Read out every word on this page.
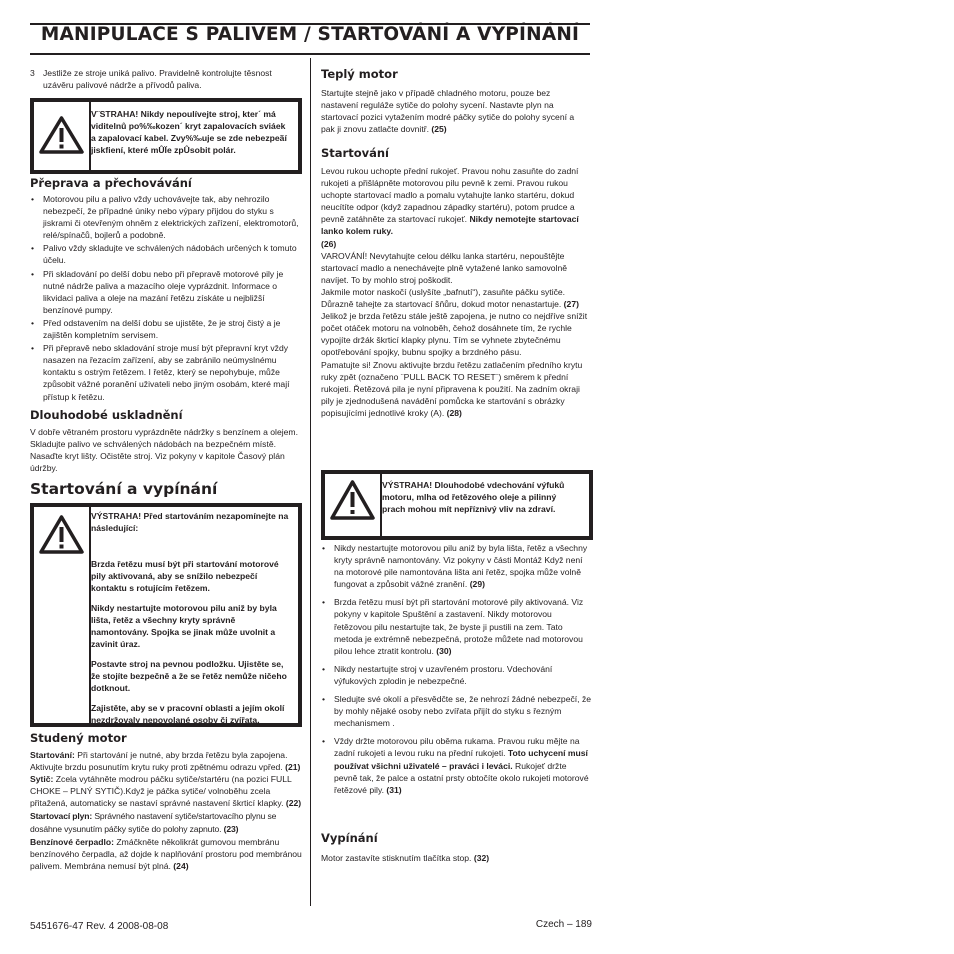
MANIPULACE S PALIVEM / STARTOVÁNÍ A VYPÍNÁNÍ
3 Jestliže ze stroje uniká palivo. Pravidelně kontrolujte těsnost uzávěru palivové nádrže a přívodů paliva.

V¨STRAHA! Nikdy nepoulívejte stroj, kter´ má viditelnů po%‰kozen´ kryt zapalovacích sviáek a zapalovací kabel. Zvy%‰uje se zde nebezpeãí jiskfiení, které mÛÏe zpÛsobit polár.
Přeprava a přechovávání
• Motorovou pilu a palivo vždy uchovávejte tak, aby nehrozilo nebezpečí, že případné úniky nebo výpary přijdou do styku s jiskrami či otevřeným ohněm z elektrických zařízení, elektromotorů, relé/spínačů, bojlerů a podobně.
• Palivo vždy skladujte ve schválených nádobách určených k tomuto účelu.
• Při skladování po delší dobu nebo při přepravě motorové pily je nutné nádrže paliva a mazacího oleje vyprázdnit. Informace o likvidaci paliva a oleje na mazání řetězu získáte u nejbližší benzínové pumpy.
• Před odstavením na delší dobu se ujistěte, že je stroj čistý a je zajištěn kompletním servisem.
• Při přepravě nebo skladování stroje musí být přepravní kryt vždy nasazen na řezacím zařízení, aby se zabránilo neúmyslnému kontaktu s ostrým řetězem. I řetěz, který se nepohybuje, může způsobit vážné poranění uživateli nebo jiným osobám, které mají přístup k řetězu.
Dlouhodobé uskladnění

V dobře větraném prostoru vyprázdněte nádržky s benzínem a olejem. Skladujte palivo ve schválených nádobách na bezpečném místě. Nasaďte kryt lišty. Očistěte stroj. Viz pokyny v kapitole Časový plán údržby.

Startování a vypínání

VÝSTRAHA! Před startováním nezapomínejte na následující:

Brzda řetězu musí být při startování motorové pily aktivovaná, aby se snížilo nebezpečí kontaktu s rotujícím řetězem.

Nikdy nestartujte motorovou pilu aniž by byla lišta, řetěz a všechny kryty správně namontovány. Spojka se jinak může uvolnit a zavinit úraz.

Postavte stroj na pevnou podložku. Ujistěte se, že stojíte bezpečně a že se řetěz nemůže ničeho dotknout.

Zajistěte, aby se v pracovní oblasti a jejím okolí nezdržovaly nepovolané osoby či zvířata.

Studený motor

Startování: Při startování je nutné, aby brzda řetězu byla zapojena. Aktivujte brzdu posunutím krytu ruky proti zpětnému odrazu vpřed. (21)

Sytič: Zcela vytáhněte modrou páčku sytiče/startéru (na pozici FULL CHOKE – PLNÝ SYTIČ).Když je páčka sytiče/ volnoběhu zcela přitažená, automaticky se nastaví správné nastavení škrticí klapky. (22)

Startovací plyn: Správného nastavení sytiče/startovacího plynu se dosáhne vysunutím páčky sytiče do polohy zapnuto. (23)

Benzínové čerpadlo: Zmáčkněte několikrát gumovou membránu benzínového čerpadla, až dojde k naplňování prostoru pod membránou palivem. Membrána nemusí být plná. (24)

Teplý motor

Startujte stejně jako v případě chladného motoru, pouze bez nastavení reguláže sytiče do polohy sycení. Nastavte plyn na startovací pozici vytažením modré páčky sytiče do polohy sycení a pak ji znovu zatlačte dovnitř. (25)

Startování

Levou rukou uchopte přední rukojeť. Pravou nohu zasuňte do zadní rukojeti a přišlápněte motorovou pilu pevně k zemi. Pravou rukou uchopte startovací madlo a pomalu vytahujte lanko startéru, dokud neucítíte odpor (když zapadnou západky startéru), potom prudce a pevně zatáhněte za startovací rukojeť. Nikdy nemotejte startovací lanko kolem ruky.
(26)

VAROVÁNÍ! Nevytahujte celou délku lanka startéru, nepouštějte startovací madlo a nenechávejte plně vytažené lanko samovolně navíjet. To by mohlo stroj poškodit.

Jakmile motor naskočí (uslyšíte „bafnutí“), zasuňte páčku sytiče. Důrazně tahejte za startovací šňůru, dokud motor nenastartuje. (27)

Jelikož je brzda řetězu stále ještě zapojena, je nutno co nejdříve snížit počet otáček motoru na volnoběh, čehož dosáhnete tím, že rychle vypojíte držák škrticí klapky plynu. Tím se vyhnete zbytečnému opotřebování spojky, bubnu spojky a brzdného pásu.

Pamatujte si! Znovu aktivujte brzdu řetězu zatlačením předního krytu ruky zpět (označeno ¨PULL BACK TO RESET¨) směrem k přední rukojeti. Řetězová pila je nyní připravena k použití. Na zadním okraji pily je zjednodušená navádění pomůcka ke startování s obrázky popisujícími jednotlivé kroky (A). (28)

VÝSTRAHA! Dlouhodobé vdechování výfuků motoru, mlha od řetězového oleje a pilinný prach mohou mít nepříznivý vliv na zdraví.
• Nikdy nestartujte motorovou pilu aniž by byla lišta, řetěz a všechny kryty správně namontovány. Viz pokyny v části Montáž Když není na motorové pile namontována lišta ani řetěz, spojka může volně fungovat a způsobit vážné zranění. (29)
• Brzda řetězu musí být při startování motorové pily aktivovaná. Viz pokyny v kapitole Spuštění a zastavení. Nikdy motorovou řetězovou pilu nestartujte tak, že byste ji pustili na zem. Tato metoda je extrémně nebezpečná, protože můžete nad motorovou pilou lehce ztratit kontrolu. (30)
• Nikdy nestartujte stroj v uzavřeném prostoru. Vdechování výfukových zplodin je nebezpečné.
• Sledujte své okolí a přesvědčte se, že nehrozí žádné nebezpečí, že by mohly nějaké osoby nebo zvířata přijít do styku s řezným mechanismem .
• Vždy držte motorovou pilu oběma rukama. Pravou ruku mějte na zadní rukojeti a levou ruku na přední rukojeti. Toto uchycení musí používat všichni uživatelé – praváci i leváci. Rukojeť držte pevně tak, že palce a ostatní prsty obtočíte okolo rukojeti motorové řetězové pily. (31)
Vypínání

Motor zastavíte stisknutím tlačítka stop. (32)

5451676-47 Rev. 4 2008-08-08	Czech – 189
